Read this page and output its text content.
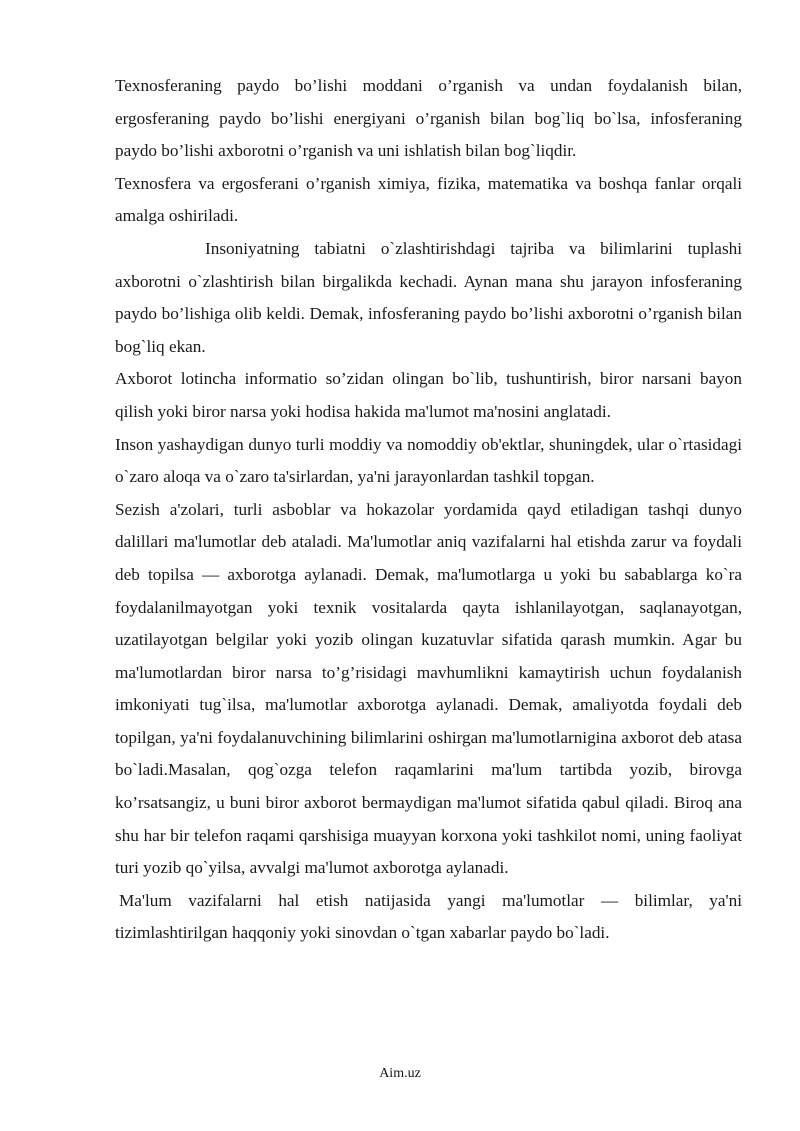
Texnosferaning paydo bo’lishi moddani o’rganish va undan foydalanish bilan, ergosferaning paydo bo’lishi energiyani o’rganish bilan bog`liq bo`lsa, infosferaning paydo bo’lishi axborotni o’rganish va uni ishlatish bilan bog`liqdir.

Texnosfera va ergosferani o’rganish ximiya, fizika, matematika va boshqa fanlar orqali amalga oshiriladi.

Insoniyatning tabiatni o`zlashtirishdagi tajriba va bilimlarini tuplashi axborotni o`zlashtirish bilan birgalikda kechadi. Aynan mana shu jarayon infosferaning paydo bo’lishiga olib keldi. Demak, infosferaning paydo bo’lishi axborotni o’rganish bilan bog`liq ekan.

Axborot lotincha informatio so’zidan olingan bo`lib, tushuntirish, biror narsani bayon qilish yoki biror narsa yoki hodisa hakida ma'lumot ma'nosini anglatadi.

Inson yashaydigan dunyo turli moddiy va nomoddiy ob'ektlar, shuningdek, ular o`rtasidagi o`zaro aloqa va o`zaro ta'sirlardan, ya'ni jarayonlardan tashkil topgan.

Sezish a'zolari, turli asboblar va hokazolar yordamida qayd etiladigan tashqi dunyo dalillari ma'lumotlar deb ataladi. Ma'lumotlar aniq vazifalarni hal etishda zarur va foydali deb topilsa — axborotga aylanadi. Demak, ma'lumotlarga u yoki bu sabablarga ko`ra foydalanilmayotgan yoki texnik vositalarda qayta ishlanilayotgan, saqlanayotgan, uzatilayotgan belgilar yoki yozib olingan kuzatuvlar sifatida qarash mumkin. Agar bu ma'lumotlardan biror narsa to’g’risidagi mavhumlikni kamaytirish uchun foydalanish imkoniyati tug`ilsa, ma'lumotlar axborotga aylanadi. Demak, amaliyotda foydali deb topilgan, ya'ni foydalanuvchining bilimlarini oshirgan ma'lumotlarnigina axborot deb atasa bo`ladi.Masalan, qog`ozga telefon raqamlarini ma'lum tartibda yozib, birovga ko’rsatsangiz, u buni biror axborot bermaydigan ma'lumot sifatida qabul qiladi. Biroq ana shu har bir telefon raqami qarshisiga muayyan korxona yoki tashkilot nomi, uning faoliyat turi yozib qo`yilsa, avvalgi ma'lumot axborotga aylanadi.

Ma'lum vazifalarni hal etish natijasida yangi ma'lumotlar — bilimlar, ya'ni tizimlashtirilgan haqqoniy yoki sinovdan o`tgan xabarlar paydo bo`ladi.

Aim.uz
